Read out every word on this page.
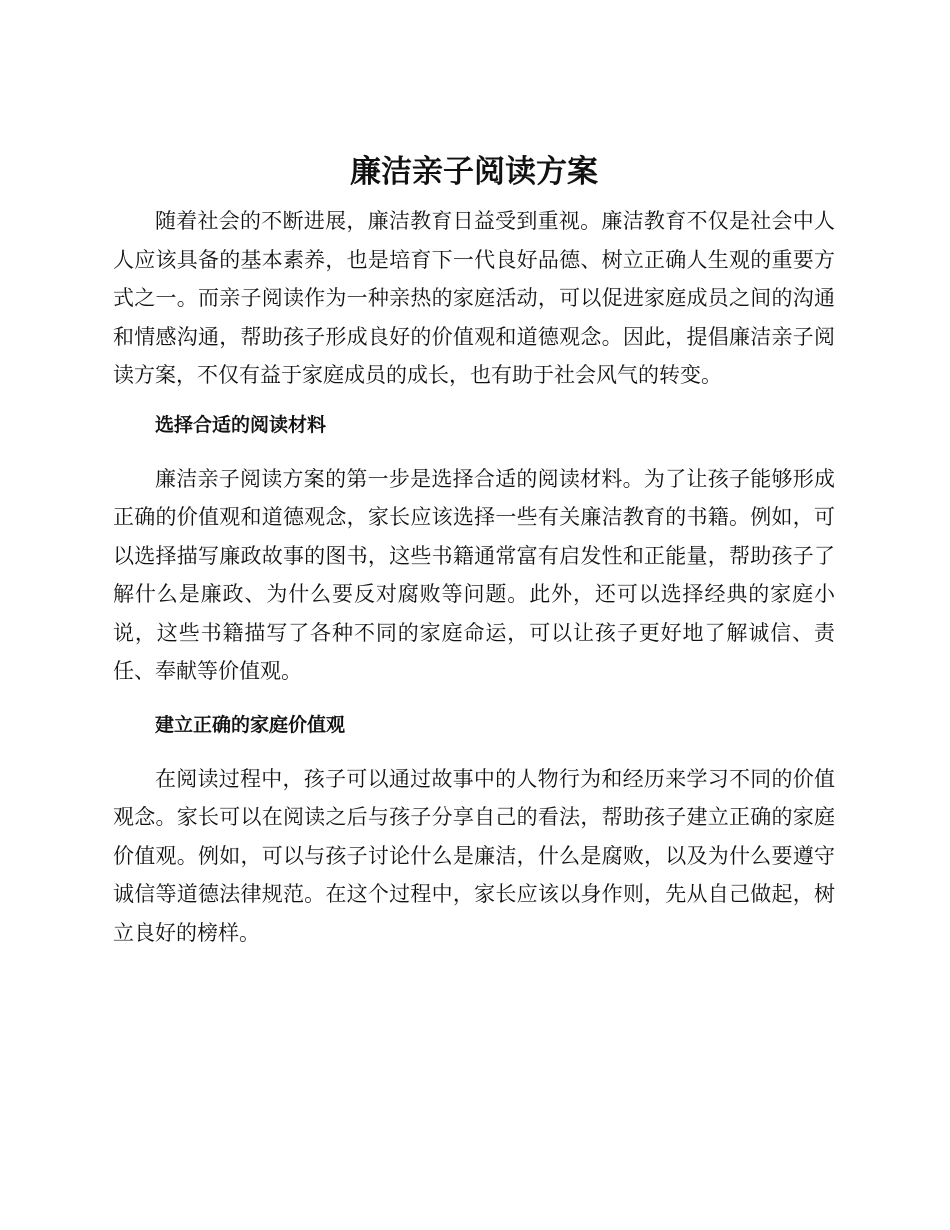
廉洁亲子阅读方案

随着社会的不断进展，廉洁教育日益受到重视。廉洁教育不仅是社会中人人应该具备的基本素养，也是培育下一代良好品德、树立正确人生观的重要方式之一。而亲子阅读作为一种亲热的家庭活动，可以促进家庭成员之间的沟通和情感沟通，帮助孩子形成良好的价值观和道德观念。因此，提倡廉洁亲子阅读方案，不仅有益于家庭成员的成长，也有助于社会风气的转变。

选择合适的阅读材料

廉洁亲子阅读方案的第一步是选择合适的阅读材料。为了让孩子能够形成正确的价值观和道德观念，家长应该选择一些有关廉洁教育的书籍。例如，可以选择描写廉政故事的图书，这些书籍通常富有启发性和正能量，帮助孩子了解什么是廉政、为什么要反对腐败等问题。此外，还可以选择经典的家庭小说，这些书籍描写了各种不同的家庭命运，可以让孩子更好地了解诚信、责任、奉献等价值观。

建立正确的家庭价值观

在阅读过程中，孩子可以通过故事中的人物行为和经历来学习不同的价值观念。家长可以在阅读之后与孩子分享自己的看法，帮助孩子建立正确的家庭价值观。例如，可以与孩子讨论什么是廉洁，什么是腐败，以及为什么要遵守诚信等道德法律规范。在这个过程中，家长应该以身作则，先从自己做起，树立良好的榜样。
